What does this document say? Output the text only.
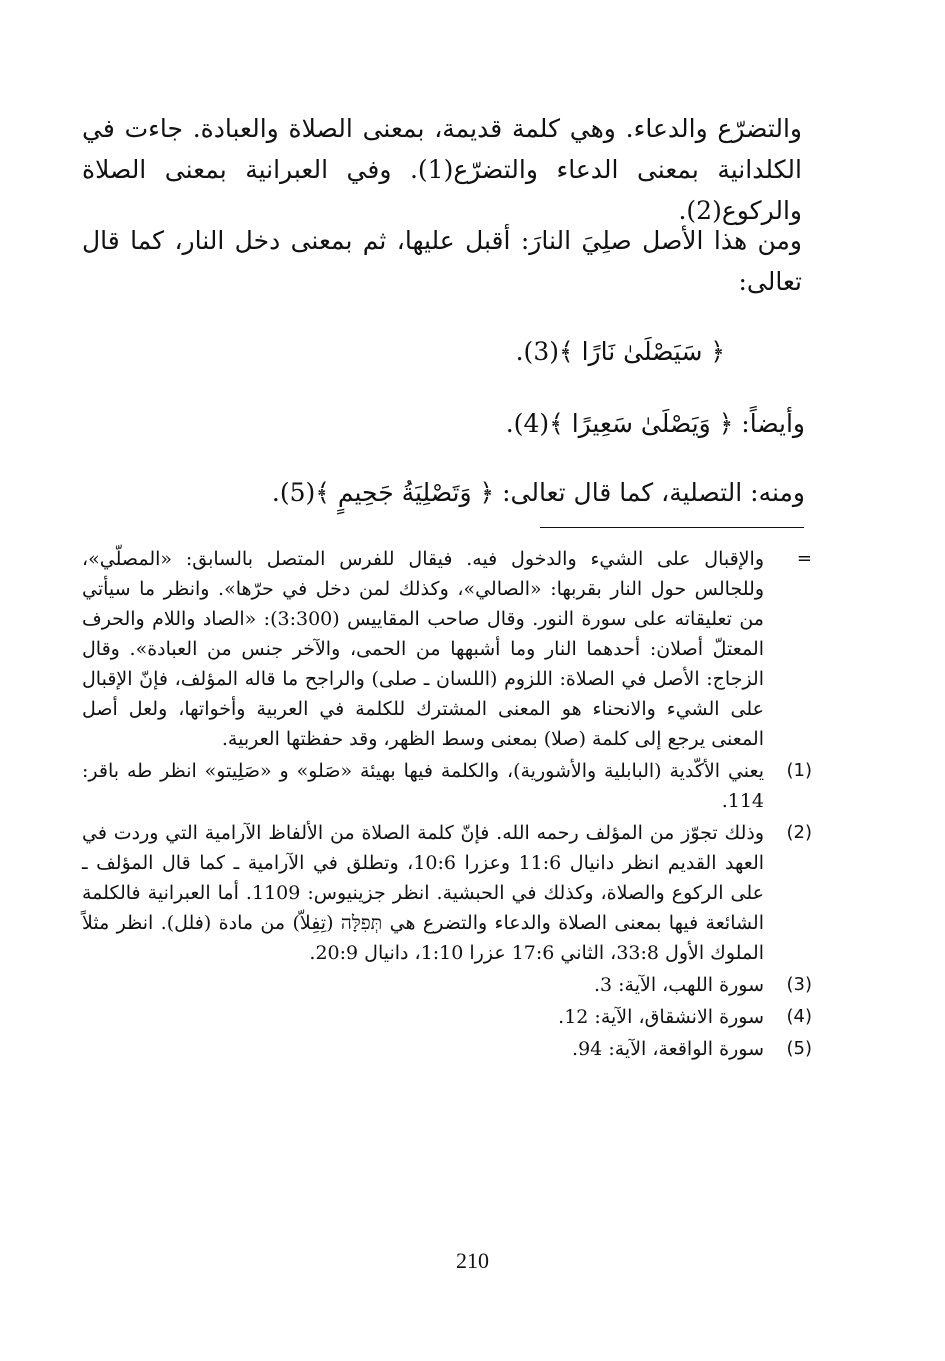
والتضرّع والدعاء. وهي كلمة قديمة، بمعنى الصلاة والعبادة. جاءت في الكلدانية بمعنى الدعاء والتضرّع(1). وفي العبرانية بمعنى الصلاة والركوع(2).

ومن هذا الأصل صلِيَ النارَ: أقبل عليها، ثم بمعنى دخل النار، كما قال تعالى:

﴿ سَيَصْلَىٰ نَارًا ﴾(3).
وأيضاً: ﴿ وَيَصْلَىٰ سَعِيرًا ﴾(4).
ومنه: التصلية، كما قال تعالى: ﴿ وَتَصْلِيَةُ جَحِيمٍ ﴾(5).
=
والإقبال على الشيء والدخول فيه. فيقال للفرس المتصل بالسابق: «المصلّي»، وللجالس حول النار بقربها: «الصالي»، وكذلك لمن دخل في حرّها». وانظر ما سيأتي من تعليقاته على سورة النور. وقال صاحب المقاييس (3:300): «الصاد واللام والحرف المعتلّ أصلان: أحدهما النار وما أشبهها من الحمى، والآخر جنس من العبادة». وقال الزجاج: الأصل في الصلاة: اللزوم (اللسان ـ صلى) والراجح ما قاله المؤلف، فإنّ الإقبال على الشيء والانحناء هو المعنى المشترك للكلمة في العربية وأخواتها، ولعل أصل المعنى يرجع إلى كلمة (صلا) بمعنى وسط الظهر، وقد حفظتها العربية.
(1)
يعني الأكّدية (البابلية والأشورية)، والكلمة فيها بهيئة «صَلو» و «صَلِيتو» انظر طه باقر: 114.
(2)
وذلك تجوّز من المؤلف رحمه الله. فإنّ كلمة الصلاة من الألفاظ الآرامية التي وردت في العهد القديم انظر دانيال 11:6 وعزرا 10:6، وتطلق في الآرامية ـ كما قال المؤلف ـ على الركوع والصلاة، وكذلك في الحبشية. انظر جزينيوس: 1109. أما العبرانية فالكلمة الشائعة فيها بمعنى الصلاة والدعاء والتضرع هي תְּפִלָּה (تِفِلاّ) من مادة (فلل). انظر مثلاً الملوك الأول 33:8، الثاني 17:6 عزرا 1:10، دانيال 20:9.
(3)
سورة اللهب، الآية: 3.
(4)
سورة الانشقاق، الآية: 12.
(5)
سورة الواقعة، الآية: 94.
210
